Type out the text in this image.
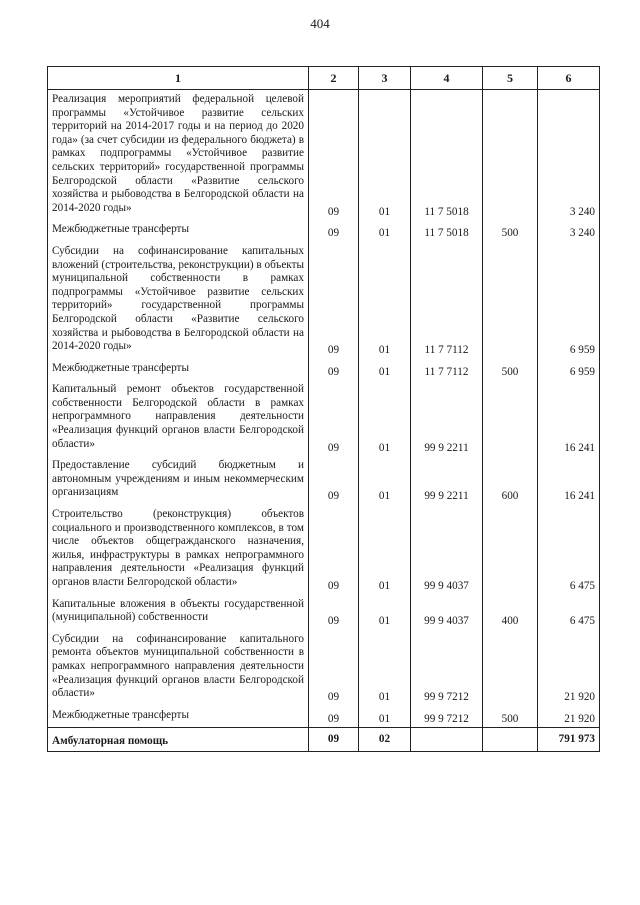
404
1	2	3	4	5	6
Реализация мероприятий федеральной целевой программы «Устойчивое развитие сельских территорий на 2014-2017 годы и на период до 2020 года» (за счет субсидии из федерального бюджета) в рамках подпрограммы «Устойчивое развитие сельских территорий» государственной программы Белгородской области «Развитие сельского хозяйства и рыбоводства в Белгородской области на 2014-2020 годы»	09	01	11 7 5018		3 240
Межбюджетные трансферты	09	01	11 7 5018	500	3 240
Субсидии на софинансирование капитальных вложений (строительства, реконструкции) в объекты муниципальной собственности в рамках подпрограммы «Устойчивое развитие сельских территорий» государственной программы Белгородской области «Развитие сельского хозяйства и рыбоводства в Белгородской области на 2014-2020 годы»	09	01	11 7 7112		6 959
Межбюджетные трансферты	09	01	11 7 7112	500	6 959
Капитальный ремонт объектов государственной собственности Белгородской области в рамках непрограммного направления деятельности «Реализация функций органов власти Белгородской области»	09	01	99 9 2211		16 241
Предоставление субсидий бюджетным и автономным учреждениям и иным некоммерческим организациям	09	01	99 9 2211	600	16 241
Строительство (реконструкция) объектов социального и производственного комплексов, в том числе объектов общегражданского назначения, жилья, инфраструктуры в рамках непрограммного направления деятельности «Реализация функций органов власти Белгородской области»	09	01	99 9 4037		6 475
Капитальные вложения в объекты государственной (муниципальной) собственности	09	01	99 9 4037	400	6 475
Субсидии на софинансирование капитального ремонта объектов муниципальной собственности в рамках непрограммного направления деятельности «Реализация функций органов власти Белгородской области»	09	01	99 9 7212		21 920
Межбюджетные трансферты	09	01	99 9 7212	500	21 920
Амбулаторная помощь	09	02			791 973
